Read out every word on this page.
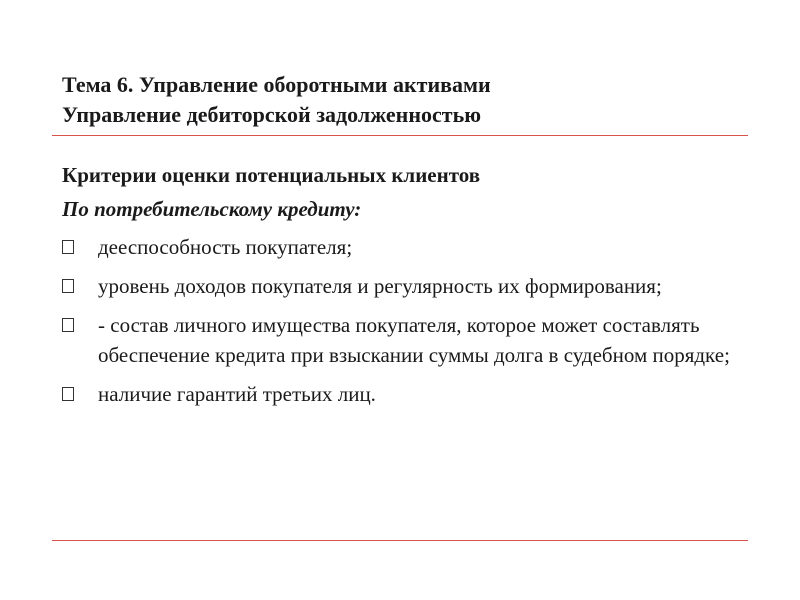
Тема 6. Управление оборотными активами
Управление дебиторской задолженностью
Критерии оценки потенциальных клиентов
По потребительскому кредиту:
дееспособность покупателя;
уровень доходов покупателя и регулярность их формирования;
- состав личного имущества покупателя, которое может составлять обеспечение кредита при взыскании суммы долга в судебном порядке;
наличие гарантий третьих лиц.
